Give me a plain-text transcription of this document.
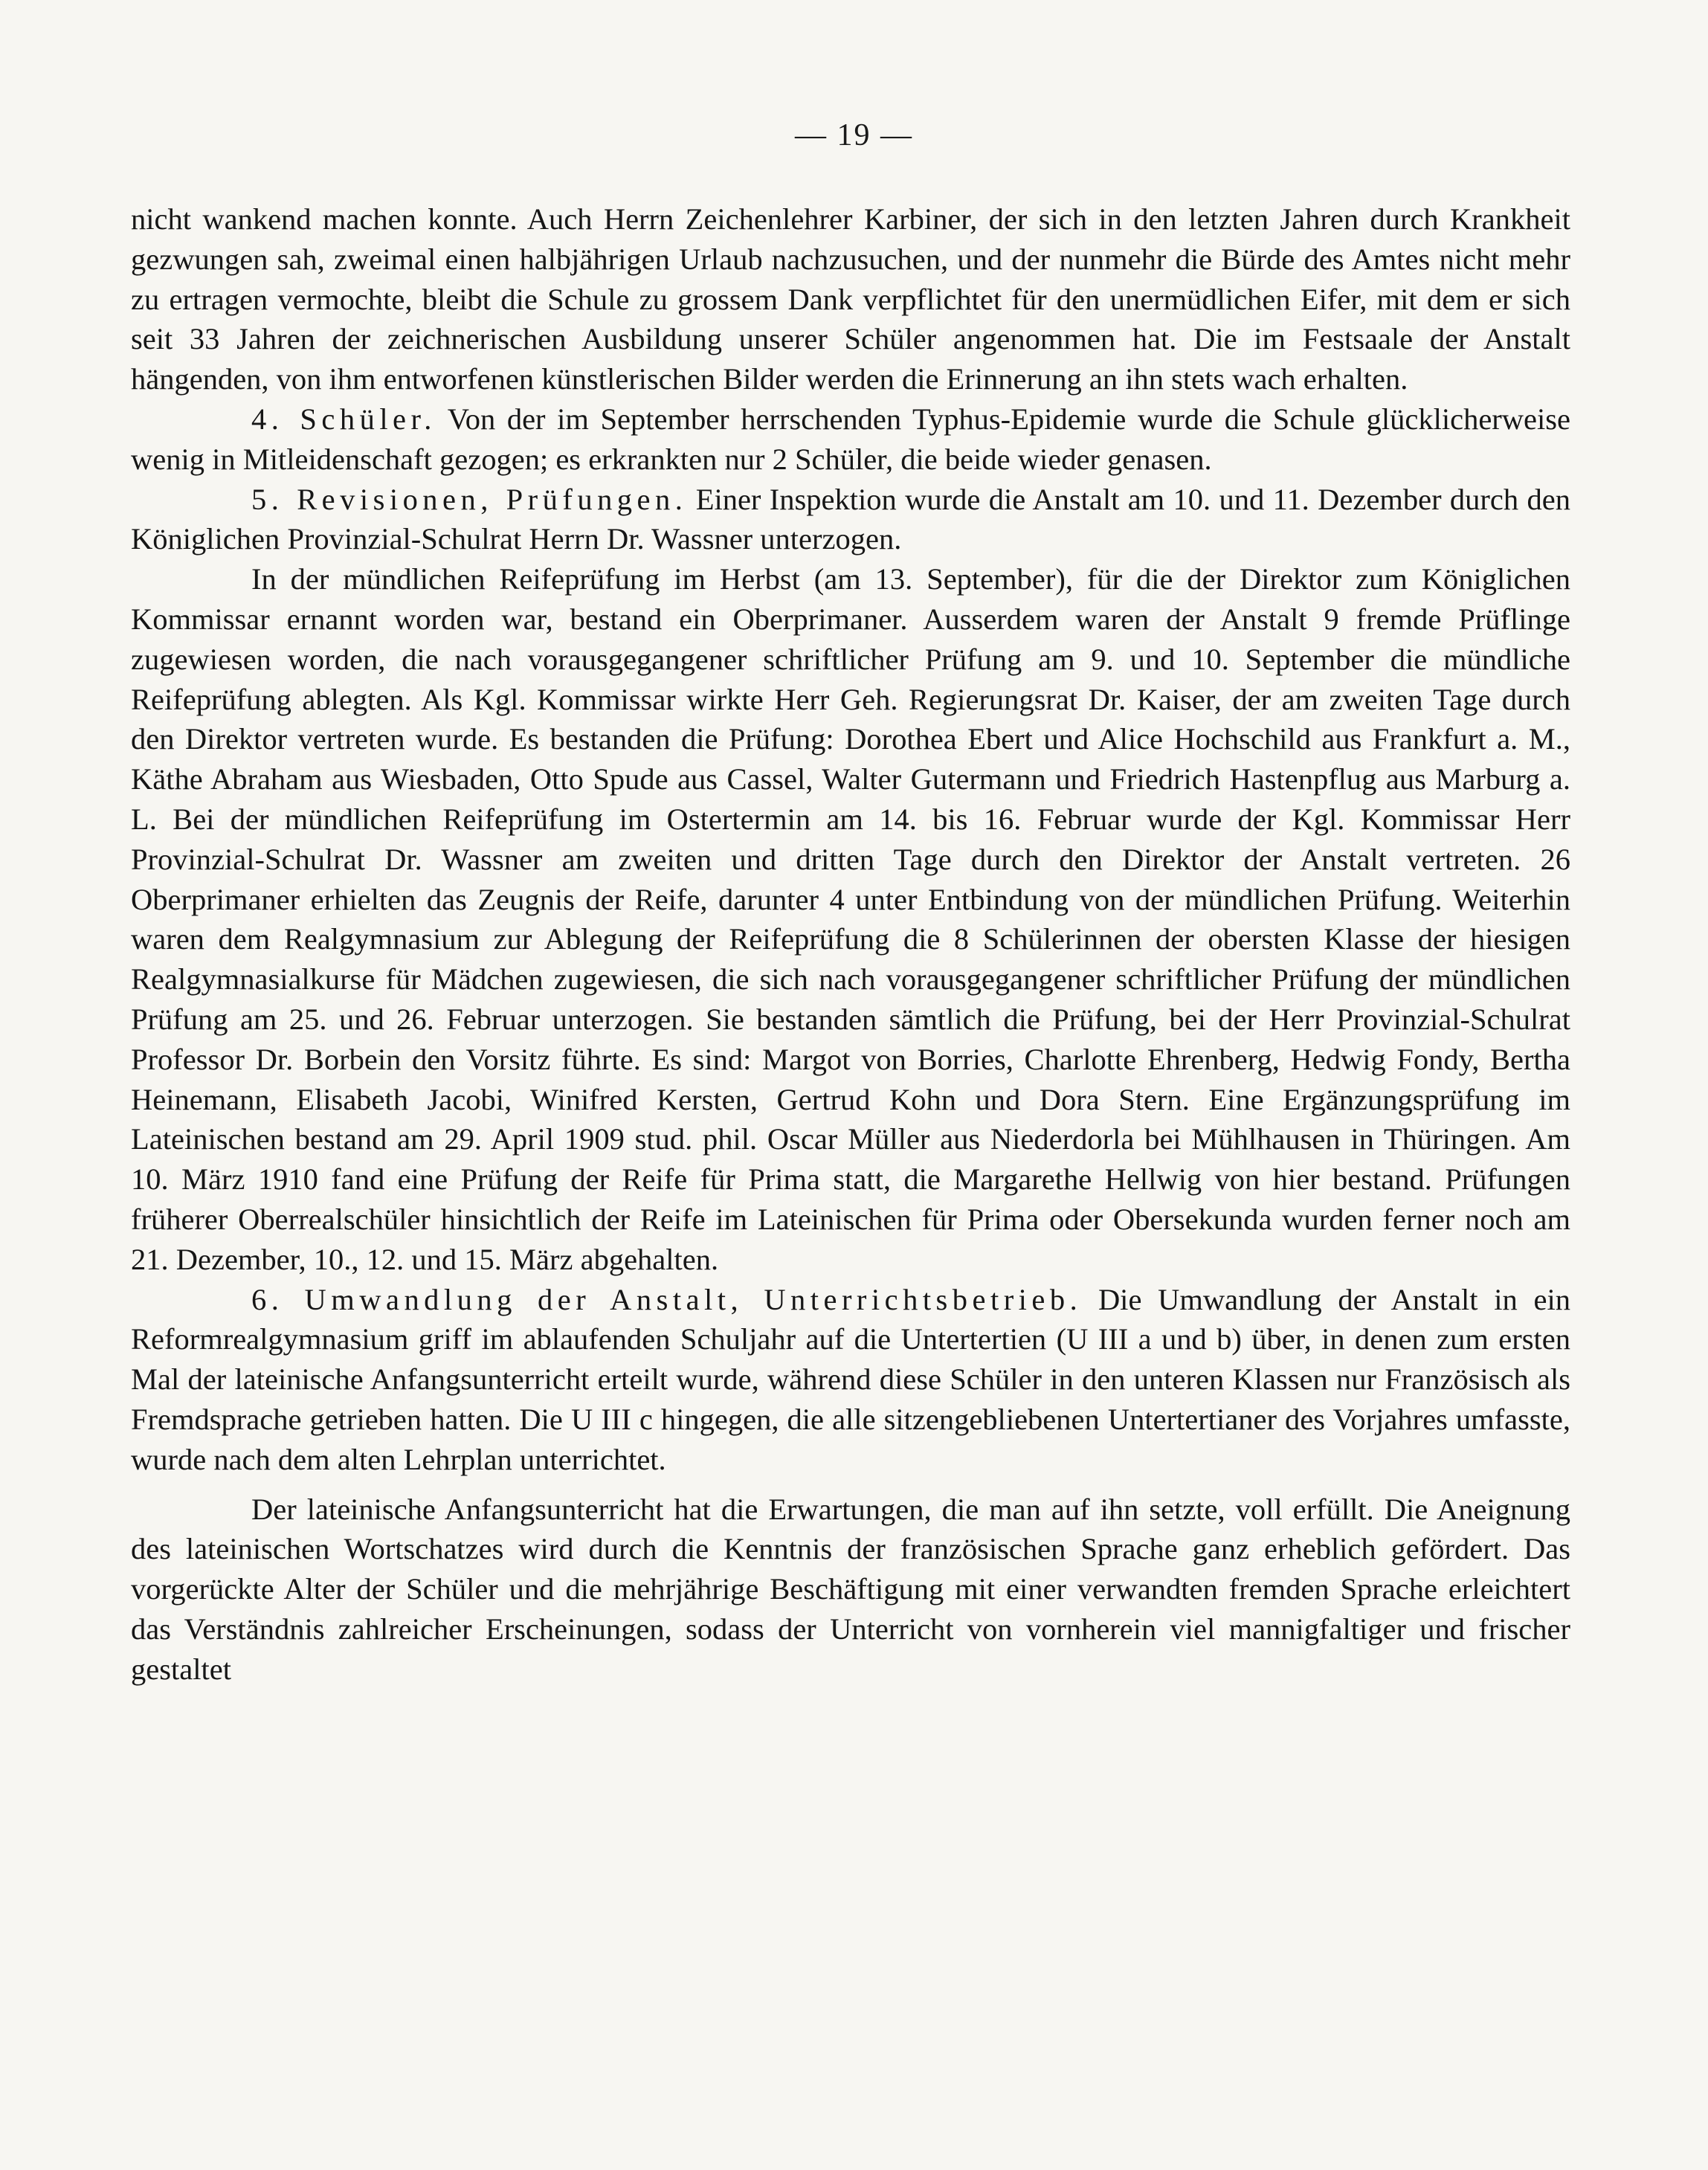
— 19 —

nicht wankend machen konnte. Auch Herrn Zeichenlehrer Karbiner, der sich in den letzten Jahren durch Krankheit gezwungen sah, zweimal einen halbjährigen Urlaub nachzusuchen, und der nunmehr die Bürde des Amtes nicht mehr zu ertragen vermochte, bleibt die Schule zu grossem Dank verpflichtet für den unermüdlichen Eifer, mit dem er sich seit 33 Jahren der zeichnerischen Ausbildung unserer Schüler angenommen hat. Die im Festsaale der Anstalt hängenden, von ihm entworfenen künstlerischen Bilder werden die Erinnerung an ihn stets wach erhalten.

4. Schüler. Von der im September herrschenden Typhus-Epidemie wurde die Schule glücklicherweise wenig in Mitleidenschaft gezogen; es erkrankten nur 2 Schüler, die beide wieder genasen.

5. Revisionen, Prüfungen. Einer Inspektion wurde die Anstalt am 10. und 11. Dezember durch den Königlichen Provinzial-Schulrat Herrn Dr. Wassner unterzogen.

In der mündlichen Reifeprüfung im Herbst (am 13. September), für die der Direktor zum Königlichen Kommissar ernannt worden war, bestand ein Oberprimaner. Ausserdem waren der Anstalt 9 fremde Prüflinge zugewiesen worden, die nach vorausgegangener schriftlicher Prüfung am 9. und 10. September die mündliche Reifeprüfung ablegten. Als Kgl. Kommissar wirkte Herr Geh. Regierungsrat Dr. Kaiser, der am zweiten Tage durch den Direktor vertreten wurde. Es bestanden die Prüfung: Dorothea Ebert und Alice Hochschild aus Frankfurt a. M., Käthe Abraham aus Wiesbaden, Otto Spude aus Cassel, Walter Gutermann und Friedrich Hastenpflug aus Marburg a. L. Bei der mündlichen Reifeprüfung im Ostertermin am 14. bis 16. Februar wurde der Kgl. Kommissar Herr Provinzial-Schulrat Dr. Wassner am zweiten und dritten Tage durch den Direktor der Anstalt vertreten. 26 Oberprimaner erhielten das Zeugnis der Reife, darunter 4 unter Entbindung von der mündlichen Prüfung. Weiterhin waren dem Realgymnasium zur Ablegung der Reifeprüfung die 8 Schülerinnen der obersten Klasse der hiesigen Realgymnasialkurse für Mädchen zugewiesen, die sich nach vorausgegangener schriftlicher Prüfung der mündlichen Prüfung am 25. und 26. Februar unterzogen. Sie bestanden sämtlich die Prüfung, bei der Herr Provinzial-Schulrat Professor Dr. Borbein den Vorsitz führte. Es sind: Margot von Borries, Charlotte Ehrenberg, Hedwig Fondy, Bertha Heinemann, Elisabeth Jacobi, Winifred Kersten, Gertrud Kohn und Dora Stern. Eine Ergänzungsprüfung im Lateinischen bestand am 29. April 1909 stud. phil. Oscar Müller aus Niederdorla bei Mühlhausen in Thüringen. Am 10. März 1910 fand eine Prüfung der Reife für Prima statt, die Margarethe Hellwig von hier bestand. Prüfungen früherer Oberrealschüler hinsichtlich der Reife im Lateinischen für Prima oder Obersekunda wurden ferner noch am 21. Dezember, 10., 12. und 15. März abgehalten.

6. Umwandlung der Anstalt, Unterrichtsbetrieb. Die Umwandlung der Anstalt in ein Reformrealgymnasium griff im ablaufenden Schuljahr auf die Untertertien (U III a und b) über, in denen zum ersten Mal der lateinische Anfangsunterricht erteilt wurde, während diese Schüler in den unteren Klassen nur Französisch als Fremdsprache getrieben hatten. Die U III c hingegen, die alle sitzengebliebenen Untertertianer des Vorjahres umfasste, wurde nach dem alten Lehrplan unterrichtet.

Der lateinische Anfangsunterricht hat die Erwartungen, die man auf ihn setzte, voll erfüllt. Die Aneignung des lateinischen Wortschatzes wird durch die Kenntnis der französischen Sprache ganz erheblich gefördert. Das vorgerückte Alter der Schüler und die mehrjährige Beschäftigung mit einer verwandten fremden Sprache erleichtert das Verständnis zahlreicher Erscheinungen, sodass der Unterricht von vornherein viel mannigfaltiger und frischer gestaltet
